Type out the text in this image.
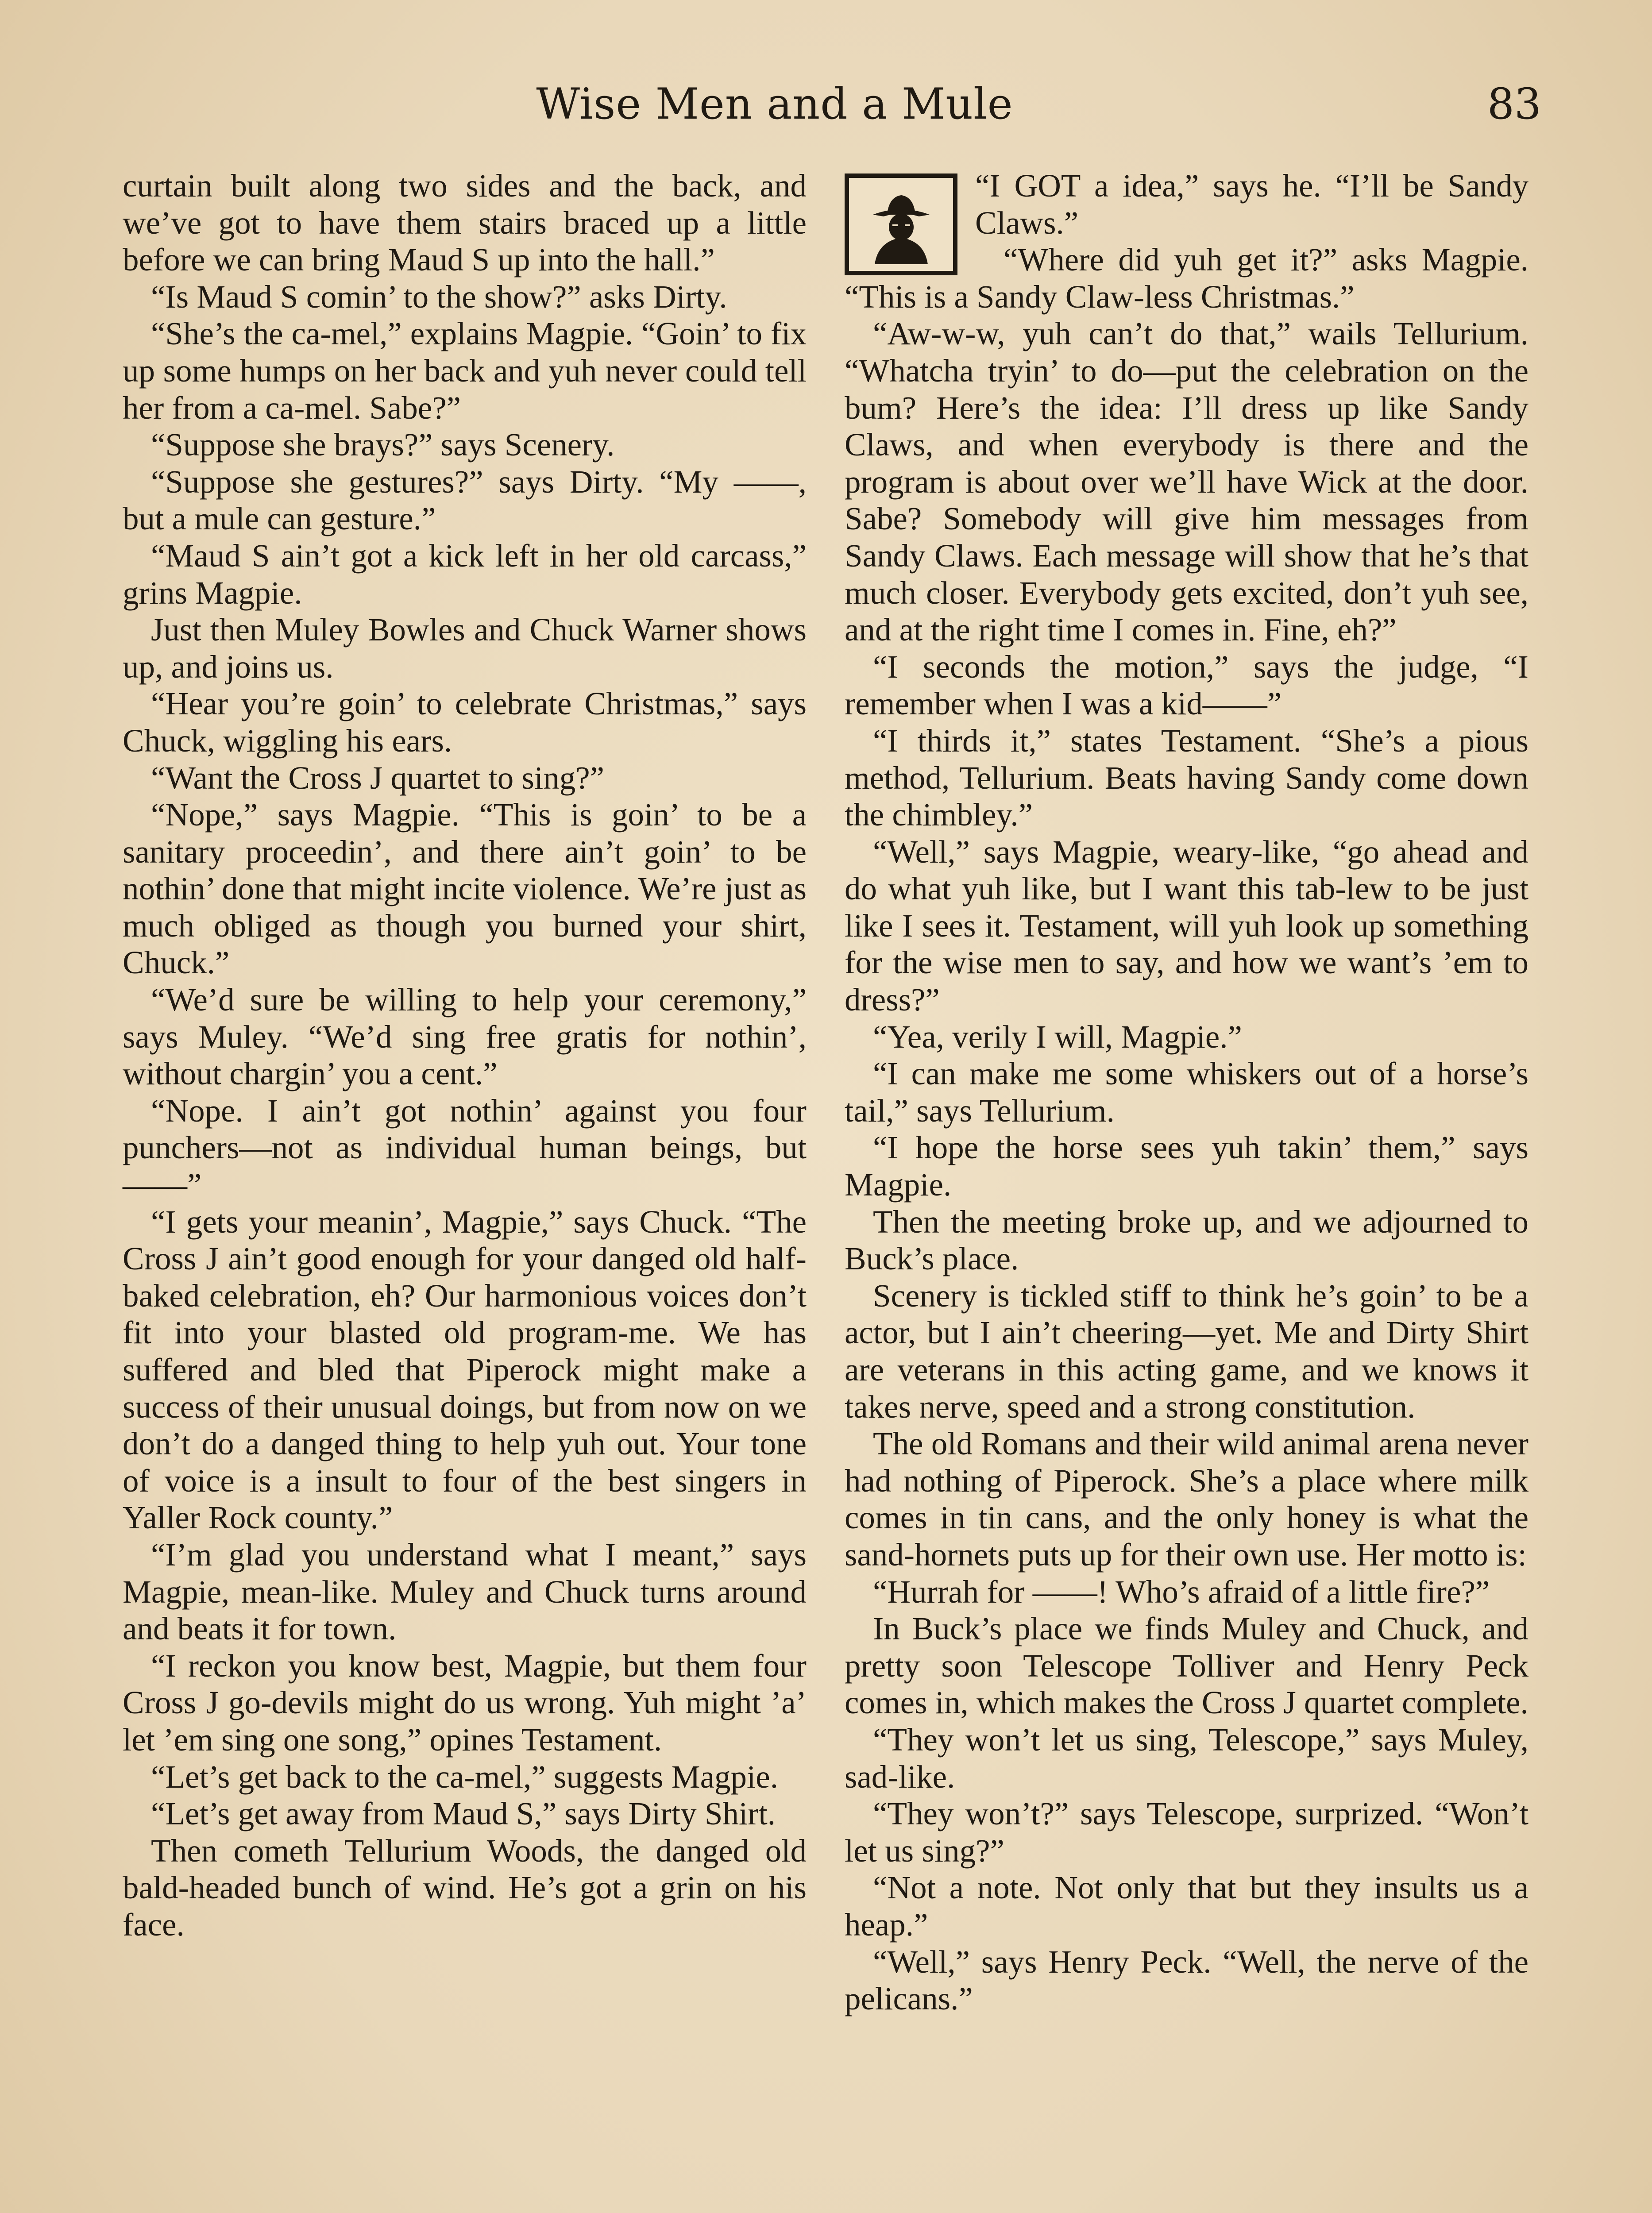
Wise Men and a Mule	83

curtain built along two sides and the back, and we’ve got to have them stairs braced up a little before we can bring Maud S up into the hall.”

“Is Maud S comin’ to the show?” asks Dirty.

“She’s the ca-mel,” explains Magpie. “Goin’ to fix up some humps on her back and yuh never could tell her from a ca-mel. Sabe?”

“Suppose she brays?” says Scenery.

“Suppose she gestures?” says Dirty. “My ——, but a mule can gesture.”

“Maud S ain’t got a kick left in her old carcass,” grins Magpie.

Just then Muley Bowles and Chuck Warner shows up, and joins us.

“Hear you’re goin’ to celebrate Christmas,” says Chuck, wiggling his ears.

“Want the Cross J quartet to sing?”

“Nope,” says Magpie. “This is goin’ to be a sanitary proceedin’, and there ain’t goin’ to be nothin’ done that might incite violence. We’re just as much obliged as though you burned your shirt, Chuck.”

“We’d sure be willing to help your ceremony,” says Muley. “We’d sing free gratis for nothin’, without chargin’ you a cent.”

“Nope. I ain’t got nothin’ against you four punchers—not as individual human beings, but——”

“I gets your meanin’, Magpie,” says Chuck. “The Cross J ain’t good enough for your danged old half-baked celebration, eh? Our harmonious voices don’t fit into your blasted old program-me. We has suffered and bled that Piperock might make a success of their unusual doings, but from now on we don’t do a danged thing to help yuh out. Your tone of voice is a insult to four of the best singers in Yaller Rock county.”

“I’m glad you understand what I meant,” says Magpie, mean-like. Muley and Chuck turns around and beats it for town.

“I reckon you know best, Magpie, but them four Cross J go-devils might do us wrong. Yuh might ’a’ let ’em sing one song,” opines Testament.

“Let’s get back to the ca-mel,” suggests Magpie.

“Let’s get away from Maud S,” says Dirty Shirt.

Then cometh Tellurium Woods, the danged old bald-headed bunch of wind. He’s got a grin on his face.

“I GOT a idea,” says he. “I’ll be Sandy Claws.”

“Where did yuh get it?” asks Magpie. “This is a Sandy Claw-less Christmas.”

“Aw-w-w, yuh can’t do that,” wails Tellurium. “Whatcha tryin’ to do—put the celebration on the bum? Here’s the idea: I’ll dress up like Sandy Claws, and when everybody is there and the program is about over we’ll have Wick at the door. Sabe? Somebody will give him messages from Sandy Claws. Each message will show that he’s that much closer. Everybody gets excited, don’t yuh see, and at the right time I comes in. Fine, eh?”

“I seconds the motion,” says the judge, “I remember when I was a kid——”

“I thirds it,” states Testament. “She’s a pious method, Tellurium. Beats having Sandy come down the chimbley.”

“Well,” says Magpie, weary-like, “go ahead and do what yuh like, but I want this tab-lew to be just like I sees it. Testament, will yuh look up something for the wise men to say, and how we want’s ’em to dress?”

“Yea, verily I will, Magpie.”

“I can make me some whiskers out of a horse’s tail,” says Tellurium.

“I hope the horse sees yuh takin’ them,” says Magpie.

Then the meeting broke up, and we adjourned to Buck’s place.

Scenery is tickled stiff to think he’s goin’ to be a actor, but I ain’t cheering—yet. Me and Dirty Shirt are veterans in this acting game, and we knows it takes nerve, speed and a strong constitution.

The old Romans and their wild animal arena never had nothing of Piperock. She’s a place where milk comes in tin cans, and the only honey is what the sand-hornets puts up for their own use. Her motto is:

“Hurrah for ——! Who’s afraid of a little fire?”

In Buck’s place we finds Muley and Chuck, and pretty soon Telescope Tolliver and Henry Peck comes in, which makes the Cross J quartet complete.

“They won’t let us sing, Telescope,” says Muley, sad-like.

“They won’t?” says Telescope, surprized. “Won’t let us sing?”

“Not a note. Not only that but they insults us a heap.”

“Well,” says Henry Peck. “Well, the nerve of the pelicans.”
